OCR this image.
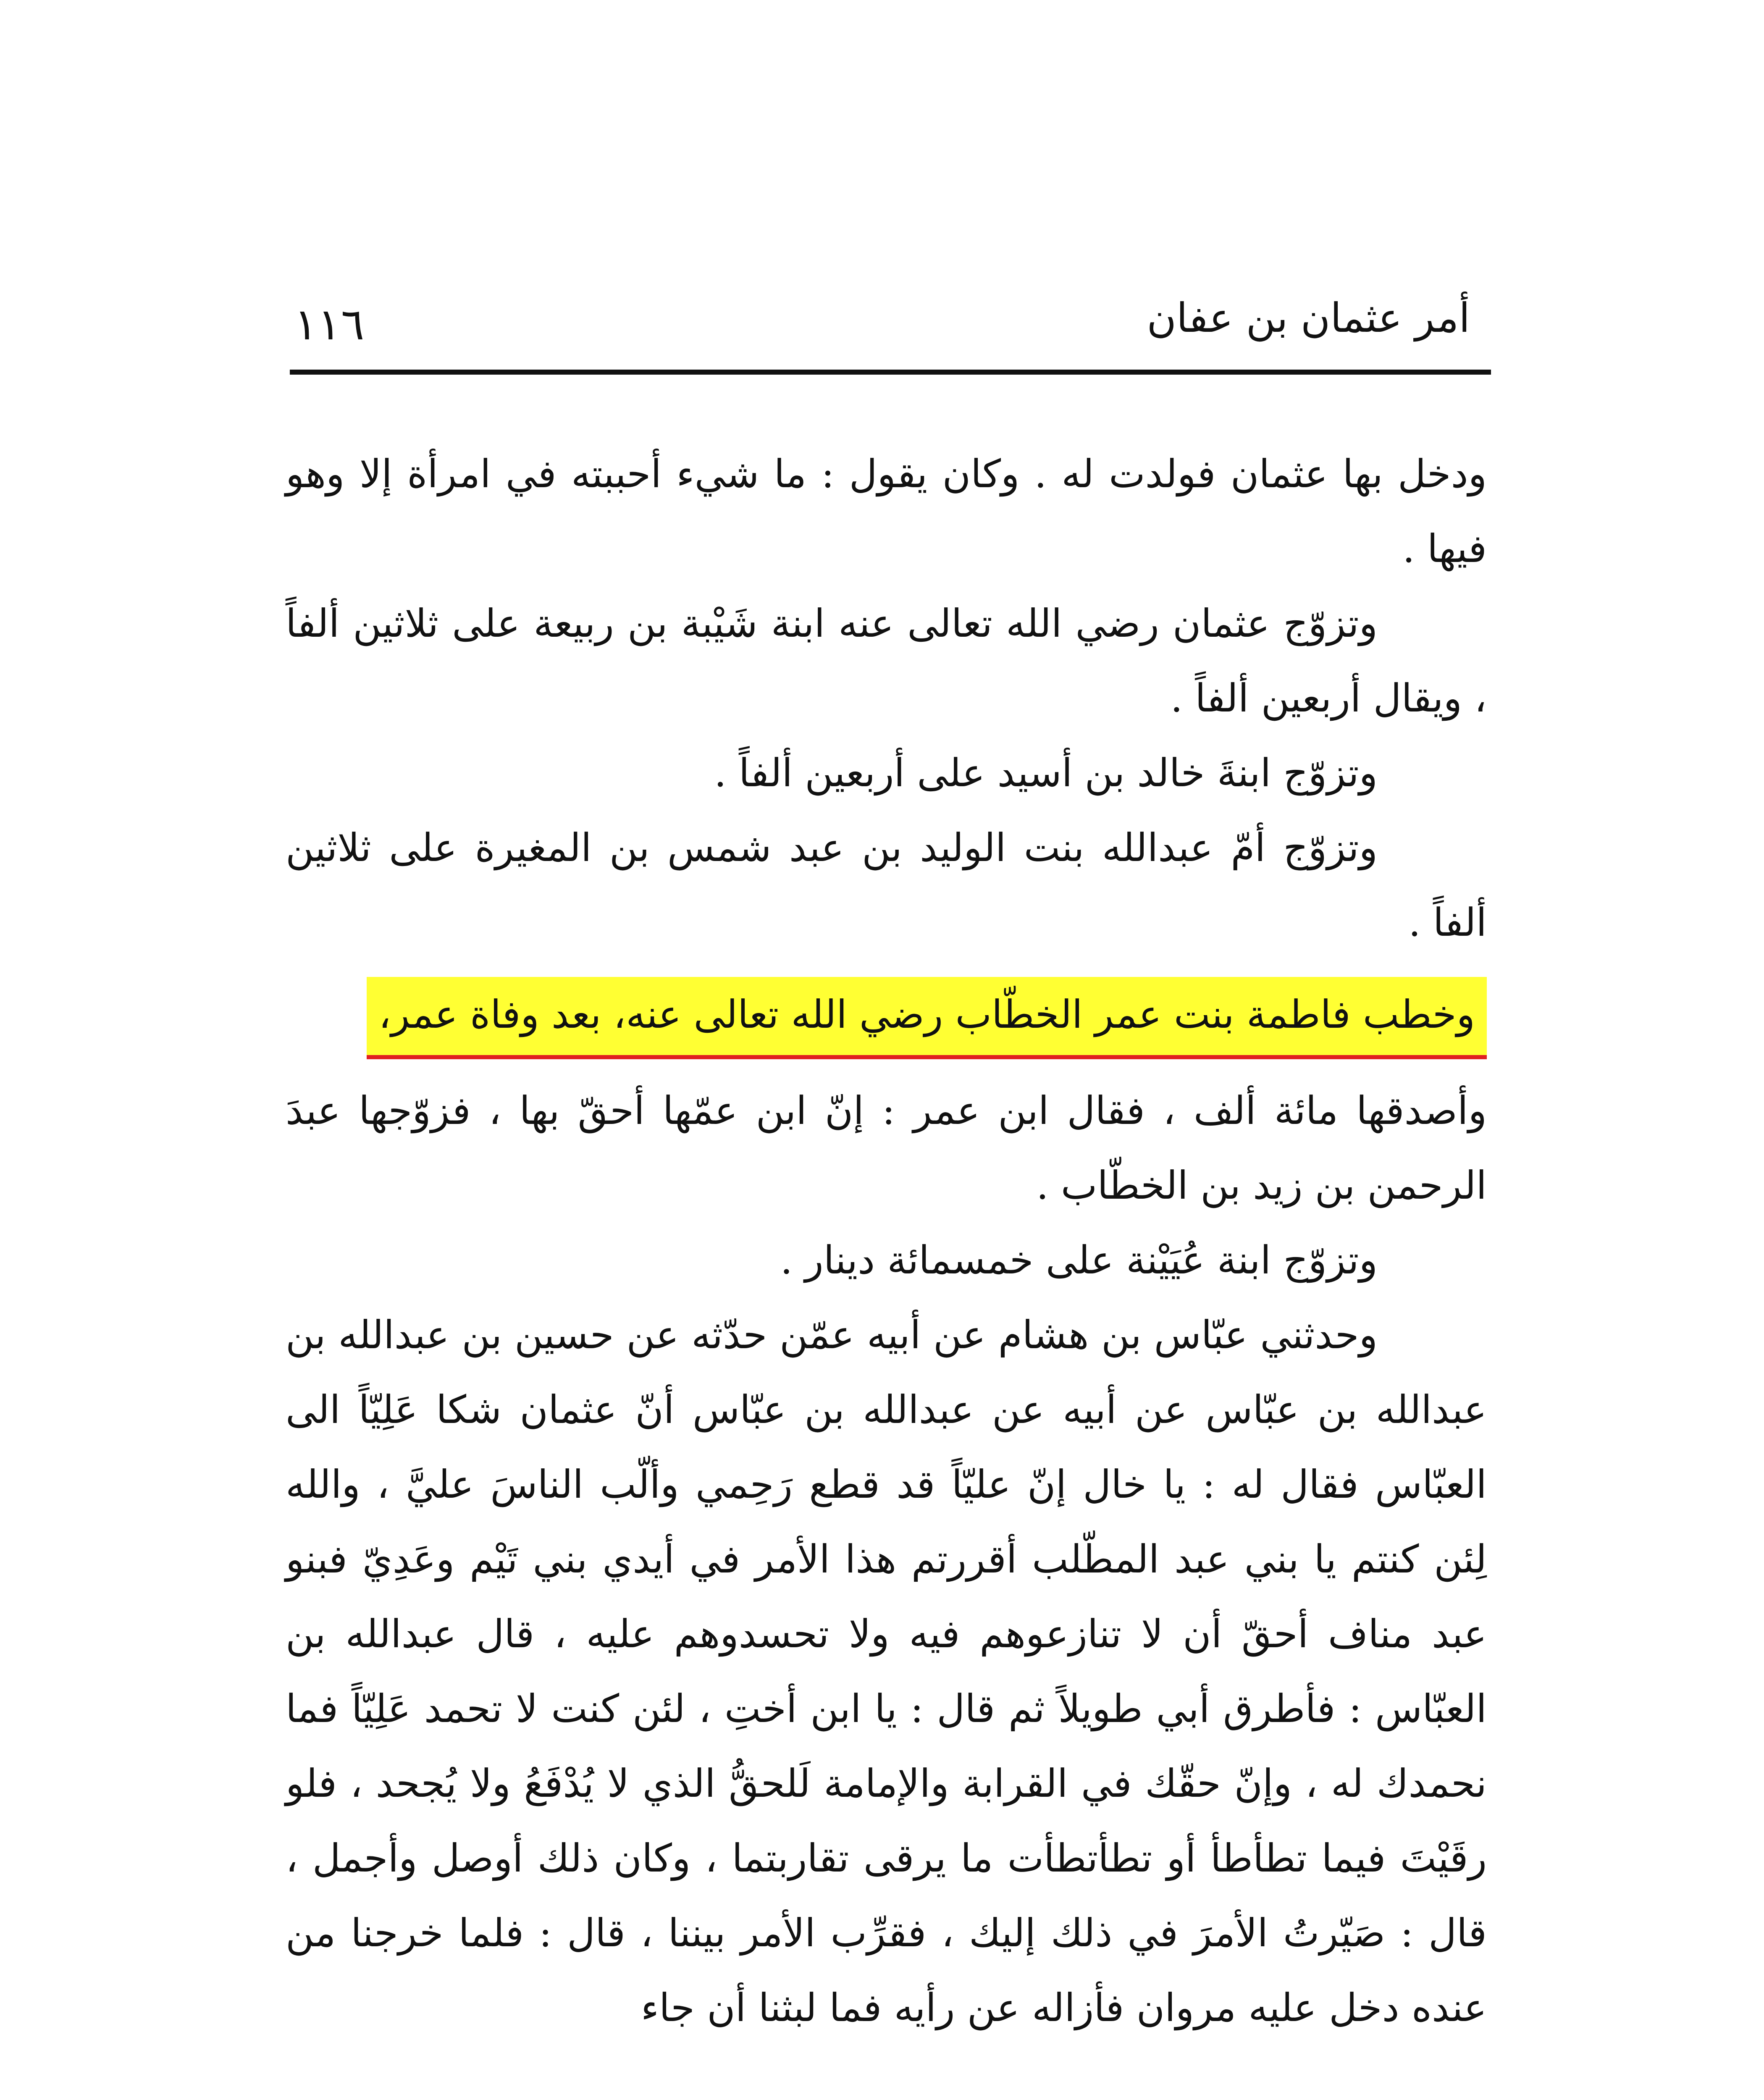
أمر عثمان بن عفان
١١٦

ودخل بها عثمان فولدت له . وكان يقول : ما شيء أحببته في امرأة إلا وهو فيها .

وتزوّج عثمان رضي الله تعالى عنه ابنة شَيْبة بن ربيعة على ثلاثين ألفاً ، ويقال أربعين ألفاً .

وتزوّج ابنةَ خالد بن أسيد على أربعين ألفاً .

وتزوّج أمّ عبدالله بنت الوليد بن عبد شمس بن المغيرة على ثلاثين ألفاً .

وخطب فاطمة بنت عمر الخطّاب رضي الله تعالى عنه، بعد وفاة عمر،

وأصدقها مائة ألف ، فقال ابن عمر : إنّ ابن عمّها أحقّ بها ، فزوّجها عبدَ الرحمن بن زيد بن الخطّاب .

وتزوّج ابنة عُيَيْنة على خمسمائة دينار .

وحدثني عبّاس بن هشام عن أبيه عمّن حدّثه عن حسين بن عبدالله بن عبدالله بن عبّاس عن أبيه عن عبدالله بن عبّاس أنّ عثمان شكا عَلِيّاً الى العبّاس فقال له : يا خال إنّ عليّاً قد قطع رَحِمي وألّب الناسَ عليَّ ، والله لِئن كنتم يا بني عبد المطّلب أقررتم هذا الأمر في أيدي بني تَيْم وعَدِيّ فبنو عبد مناف أحقّ أن لا تنازعوهم فيه ولا تحسدوهم عليه ، قال عبدالله بن العبّاس : فأطرق أبي طويلاً ثم قال : يا ابن أختِ ، لئن كنت لا تحمد عَلِيّاً فما نحمدك له ، وإنّ حقّك في القرابة والإمامة لَلحقُّ الذي لا يُدْفَعُ ولا يُجحد ، فلو رقَيْتَ فيما تطأطأ أو تطأتطأت ما يرقى تقاربتما ، وكان ذلك أوصل وأجمل ، قال : صَيّرتُ الأمرَ في ذلك إليك ، فقرِّب الأمر بيننا ، قال : فلما خرجنا من عنده دخل عليه مروان فأزاله عن رأيه فما لبثنا أن جاء
